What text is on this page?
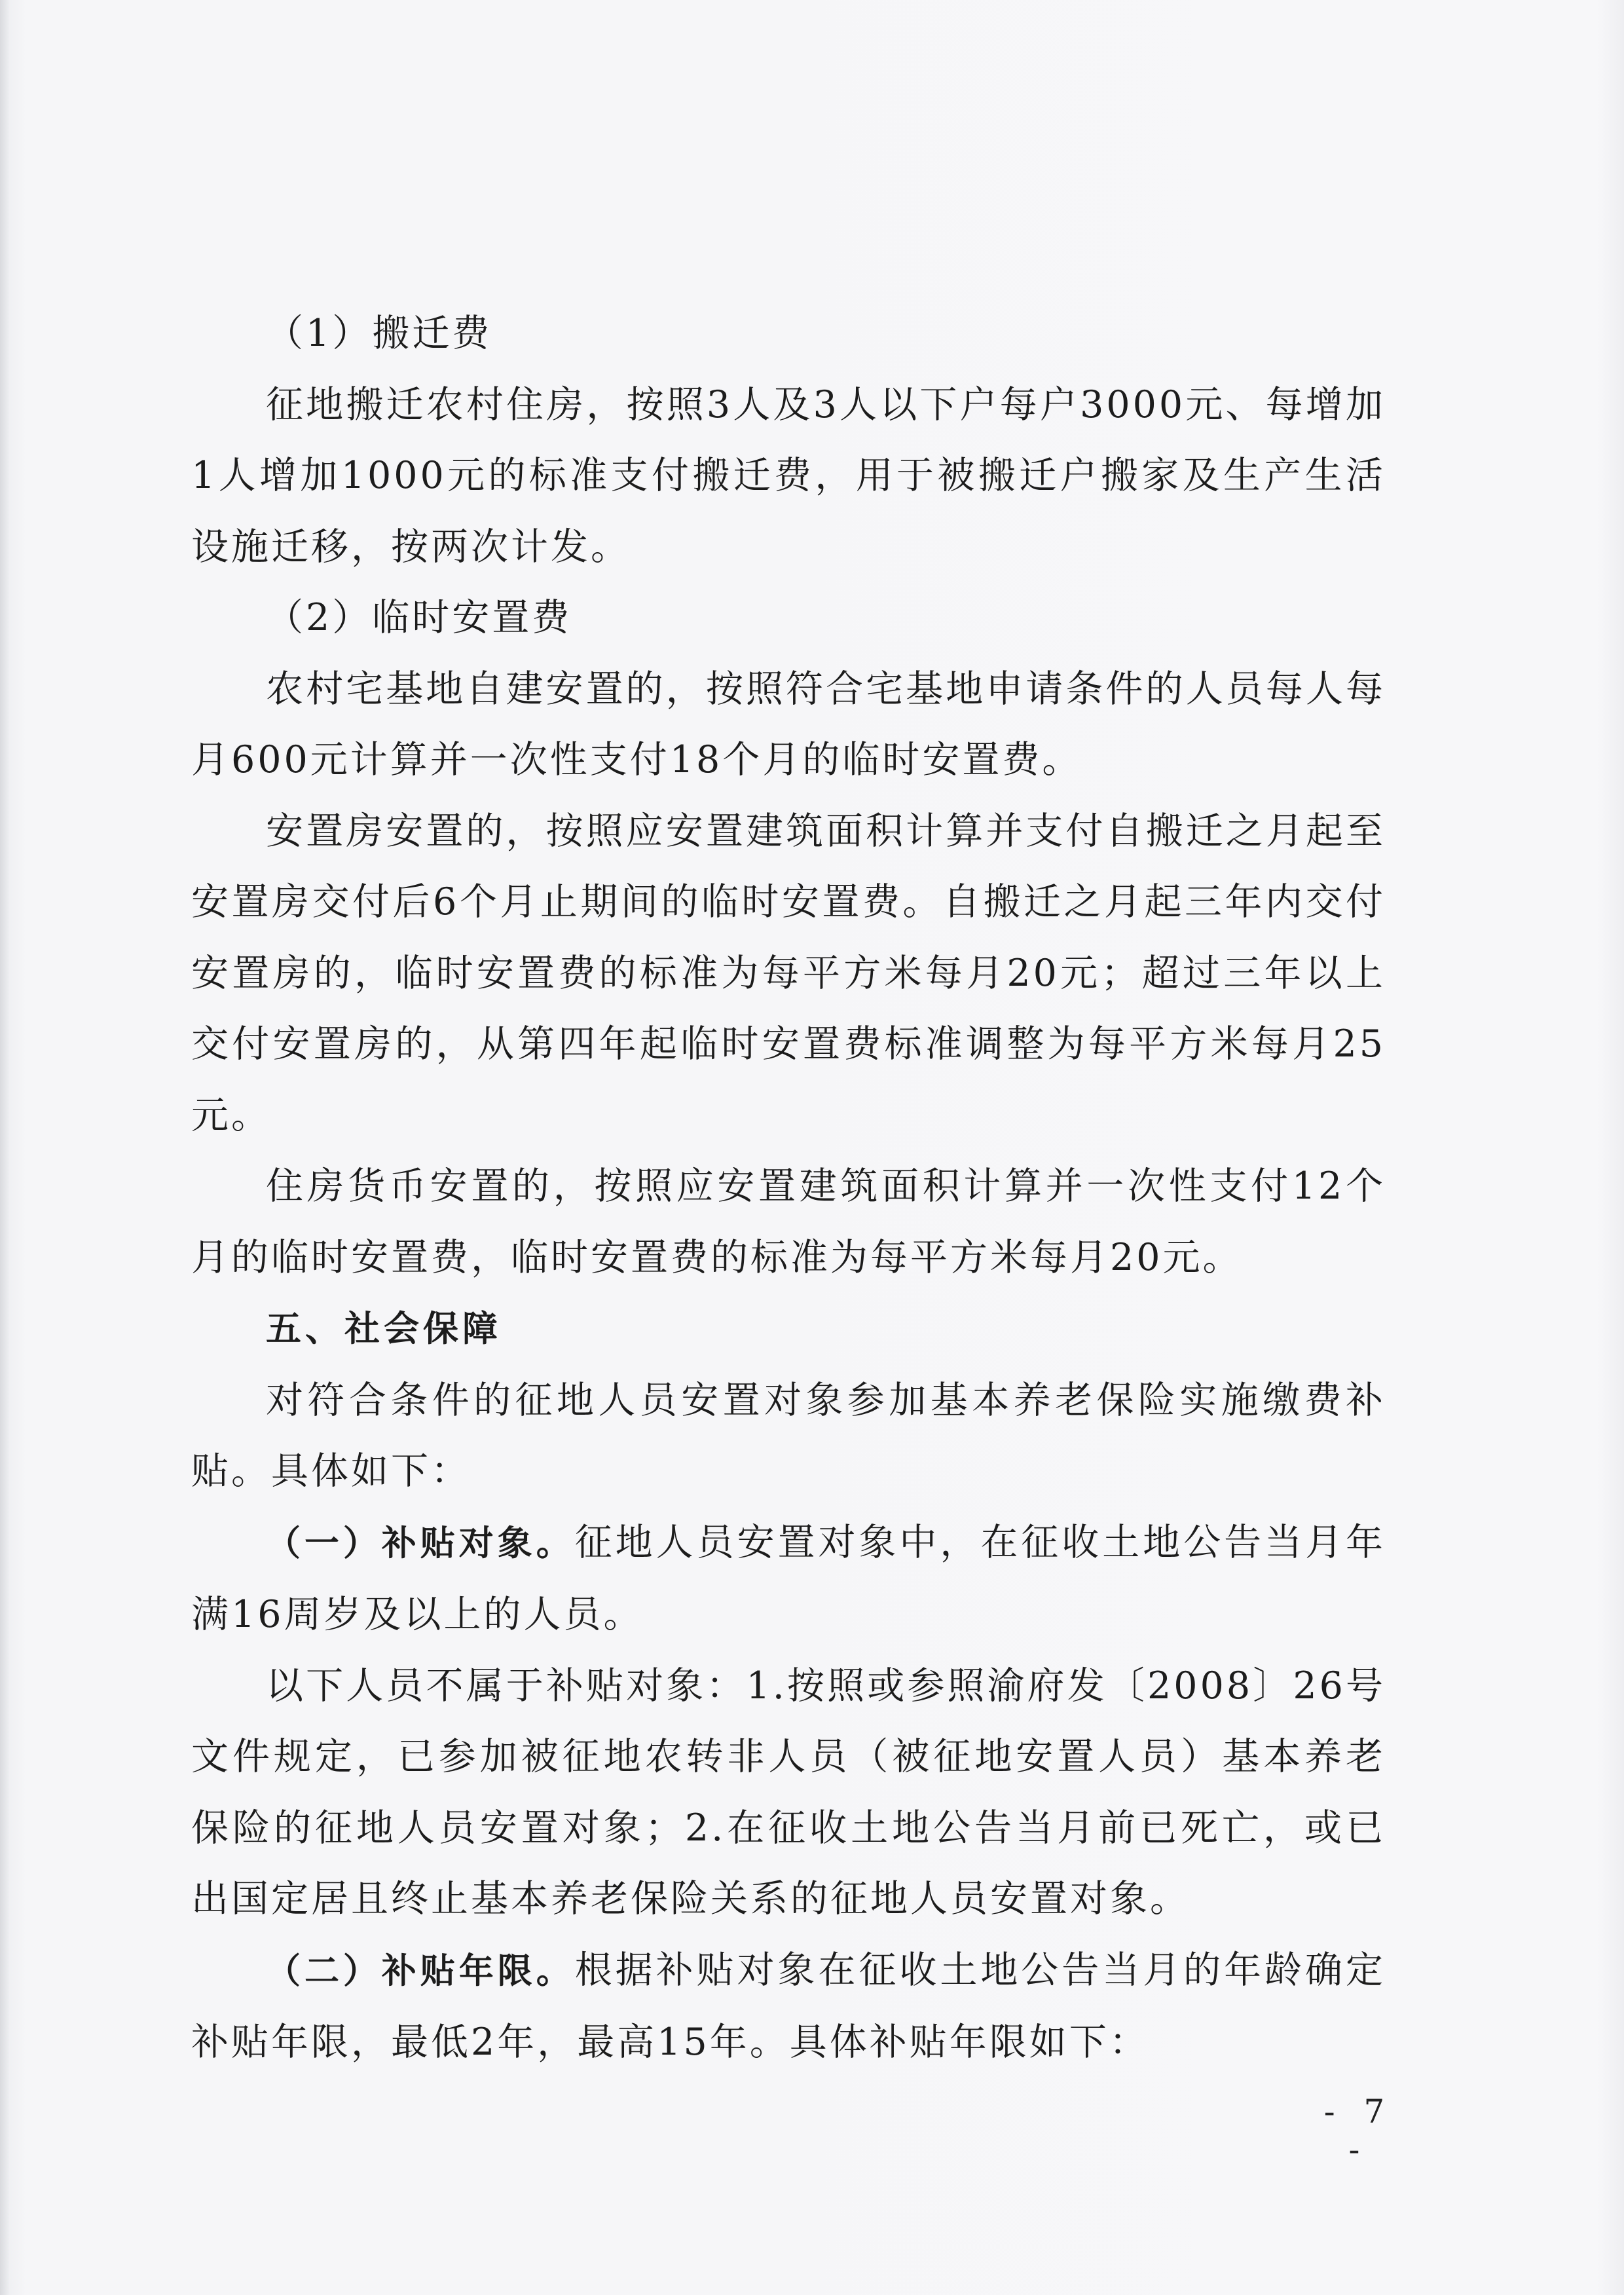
（1）搬迁费

征地搬迁农村住房，按照3人及3人以下户每户3000元、每增加1人增加1000元的标准支付搬迁费，用于被搬迁户搬家及生产生活设施迁移，按两次计发。

（2）临时安置费

农村宅基地自建安置的，按照符合宅基地申请条件的人员每人每月600元计算并一次性支付18个月的临时安置费。

安置房安置的，按照应安置建筑面积计算并支付自搬迁之月起至安置房交付后6个月止期间的临时安置费。自搬迁之月起三年内交付安置房的，临时安置费的标准为每平方米每月20元；超过三年以上交付安置房的，从第四年起临时安置费标准调整为每平方米每月25元。

住房货币安置的，按照应安置建筑面积计算并一次性支付12个月的临时安置费，临时安置费的标准为每平方米每月20元。

五、社会保障

对符合条件的征地人员安置对象参加基本养老保险实施缴费补贴。具体如下：

（一）补贴对象。征地人员安置对象中，在征收土地公告当月年满16周岁及以上的人员。

以下人员不属于补贴对象：1.按照或参照渝府发〔2008〕26号文件规定，已参加被征地农转非人员（被征地安置人员）基本养老保险的征地人员安置对象；2.在征收土地公告当月前已死亡，或已出国定居且终止基本养老保险关系的征地人员安置对象。

（二）补贴年限。根据补贴对象在征收土地公告当月的年龄确定补贴年限，最低2年，最高15年。具体补贴年限如下：

- 7 -
